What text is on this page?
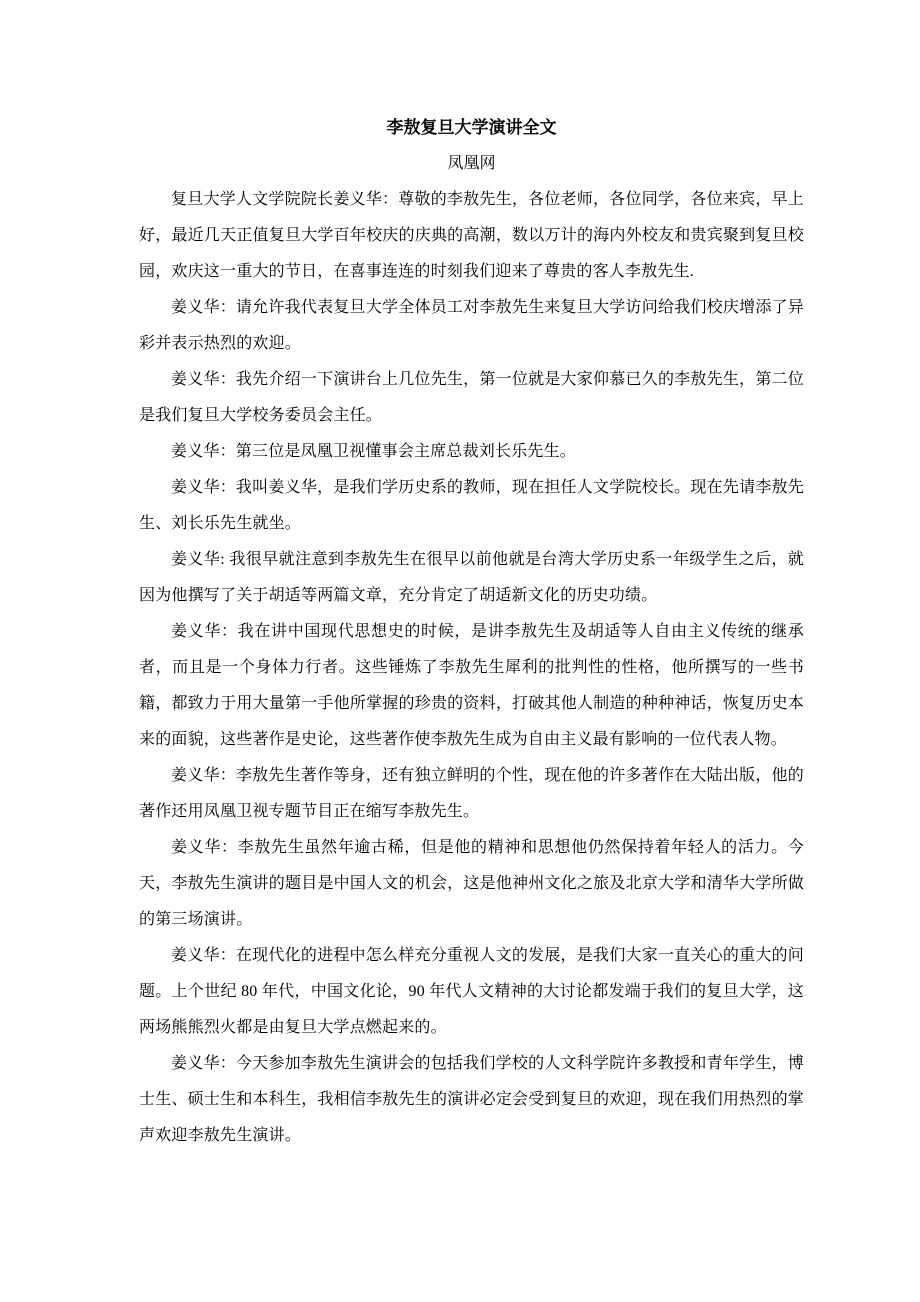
李敖复旦大学演讲全文
凤凰网

复旦大学人文学院院长姜义华：尊敬的李敖先生，各位老师，各位同学，各位来宾，早上好，最近几天正值复旦大学百年校庆的庆典的高潮，数以万计的海内外校友和贵宾聚到复旦校园，欢庆这一重大的节日，在喜事连连的时刻我们迎来了尊贵的客人李敖先生.

姜义华：请允许我代表复旦大学全体员工对李敖先生来复旦大学访问给我们校庆增添了异彩并表示热烈的欢迎。

姜义华：我先介绍一下演讲台上几位先生，第一位就是大家仰慕已久的李敖先生，第二位是我们复旦大学校务委员会主任。

姜义华：第三位是凤凰卫视懂事会主席总裁刘长乐先生。

姜义华：我叫姜义华，是我们学历史系的教师，现在担任人文学院校长。现在先请李敖先生、刘长乐先生就坐。

姜义华: 我很早就注意到李敖先生在很早以前他就是台湾大学历史系一年级学生之后，就因为他撰写了关于胡适等两篇文章，充分肯定了胡适新文化的历史功绩。

姜义华：我在讲中国现代思想史的时候，是讲李敖先生及胡适等人自由主义传统的继承者，而且是一个身体力行者。这些锤炼了李敖先生犀利的批判性的性格，他所撰写的一些书籍，都致力于用大量第一手他所掌握的珍贵的资料，打破其他人制造的种种神话，恢复历史本来的面貌，这些著作是史论，这些著作使李敖先生成为自由主义最有影响的一位代表人物。

姜义华：李敖先生著作等身，还有独立鲜明的个性，现在他的许多著作在大陆出版，他的著作还用凤凰卫视专题节目正在缩写李敖先生。

姜义华：李敖先生虽然年逾古稀，但是他的精神和思想他仍然保持着年轻人的活力。今天，李敖先生演讲的题目是中国人文的机会，这是他神州文化之旅及北京大学和清华大学所做的第三场演讲。

姜义华：在现代化的进程中怎么样充分重视人文的发展，是我们大家一直关心的重大的问题。上个世纪 80 年代，中国文化论，90 年代人文精神的大讨论都发端于我们的复旦大学，这两场熊熊烈火都是由复旦大学点燃起来的。

姜义华：今天参加李敖先生演讲会的包括我们学校的人文科学院许多教授和青年学生，博士生、硕士生和本科生，我相信李敖先生的演讲必定会受到复旦的欢迎，现在我们用热烈的掌声欢迎李敖先生演讲。
